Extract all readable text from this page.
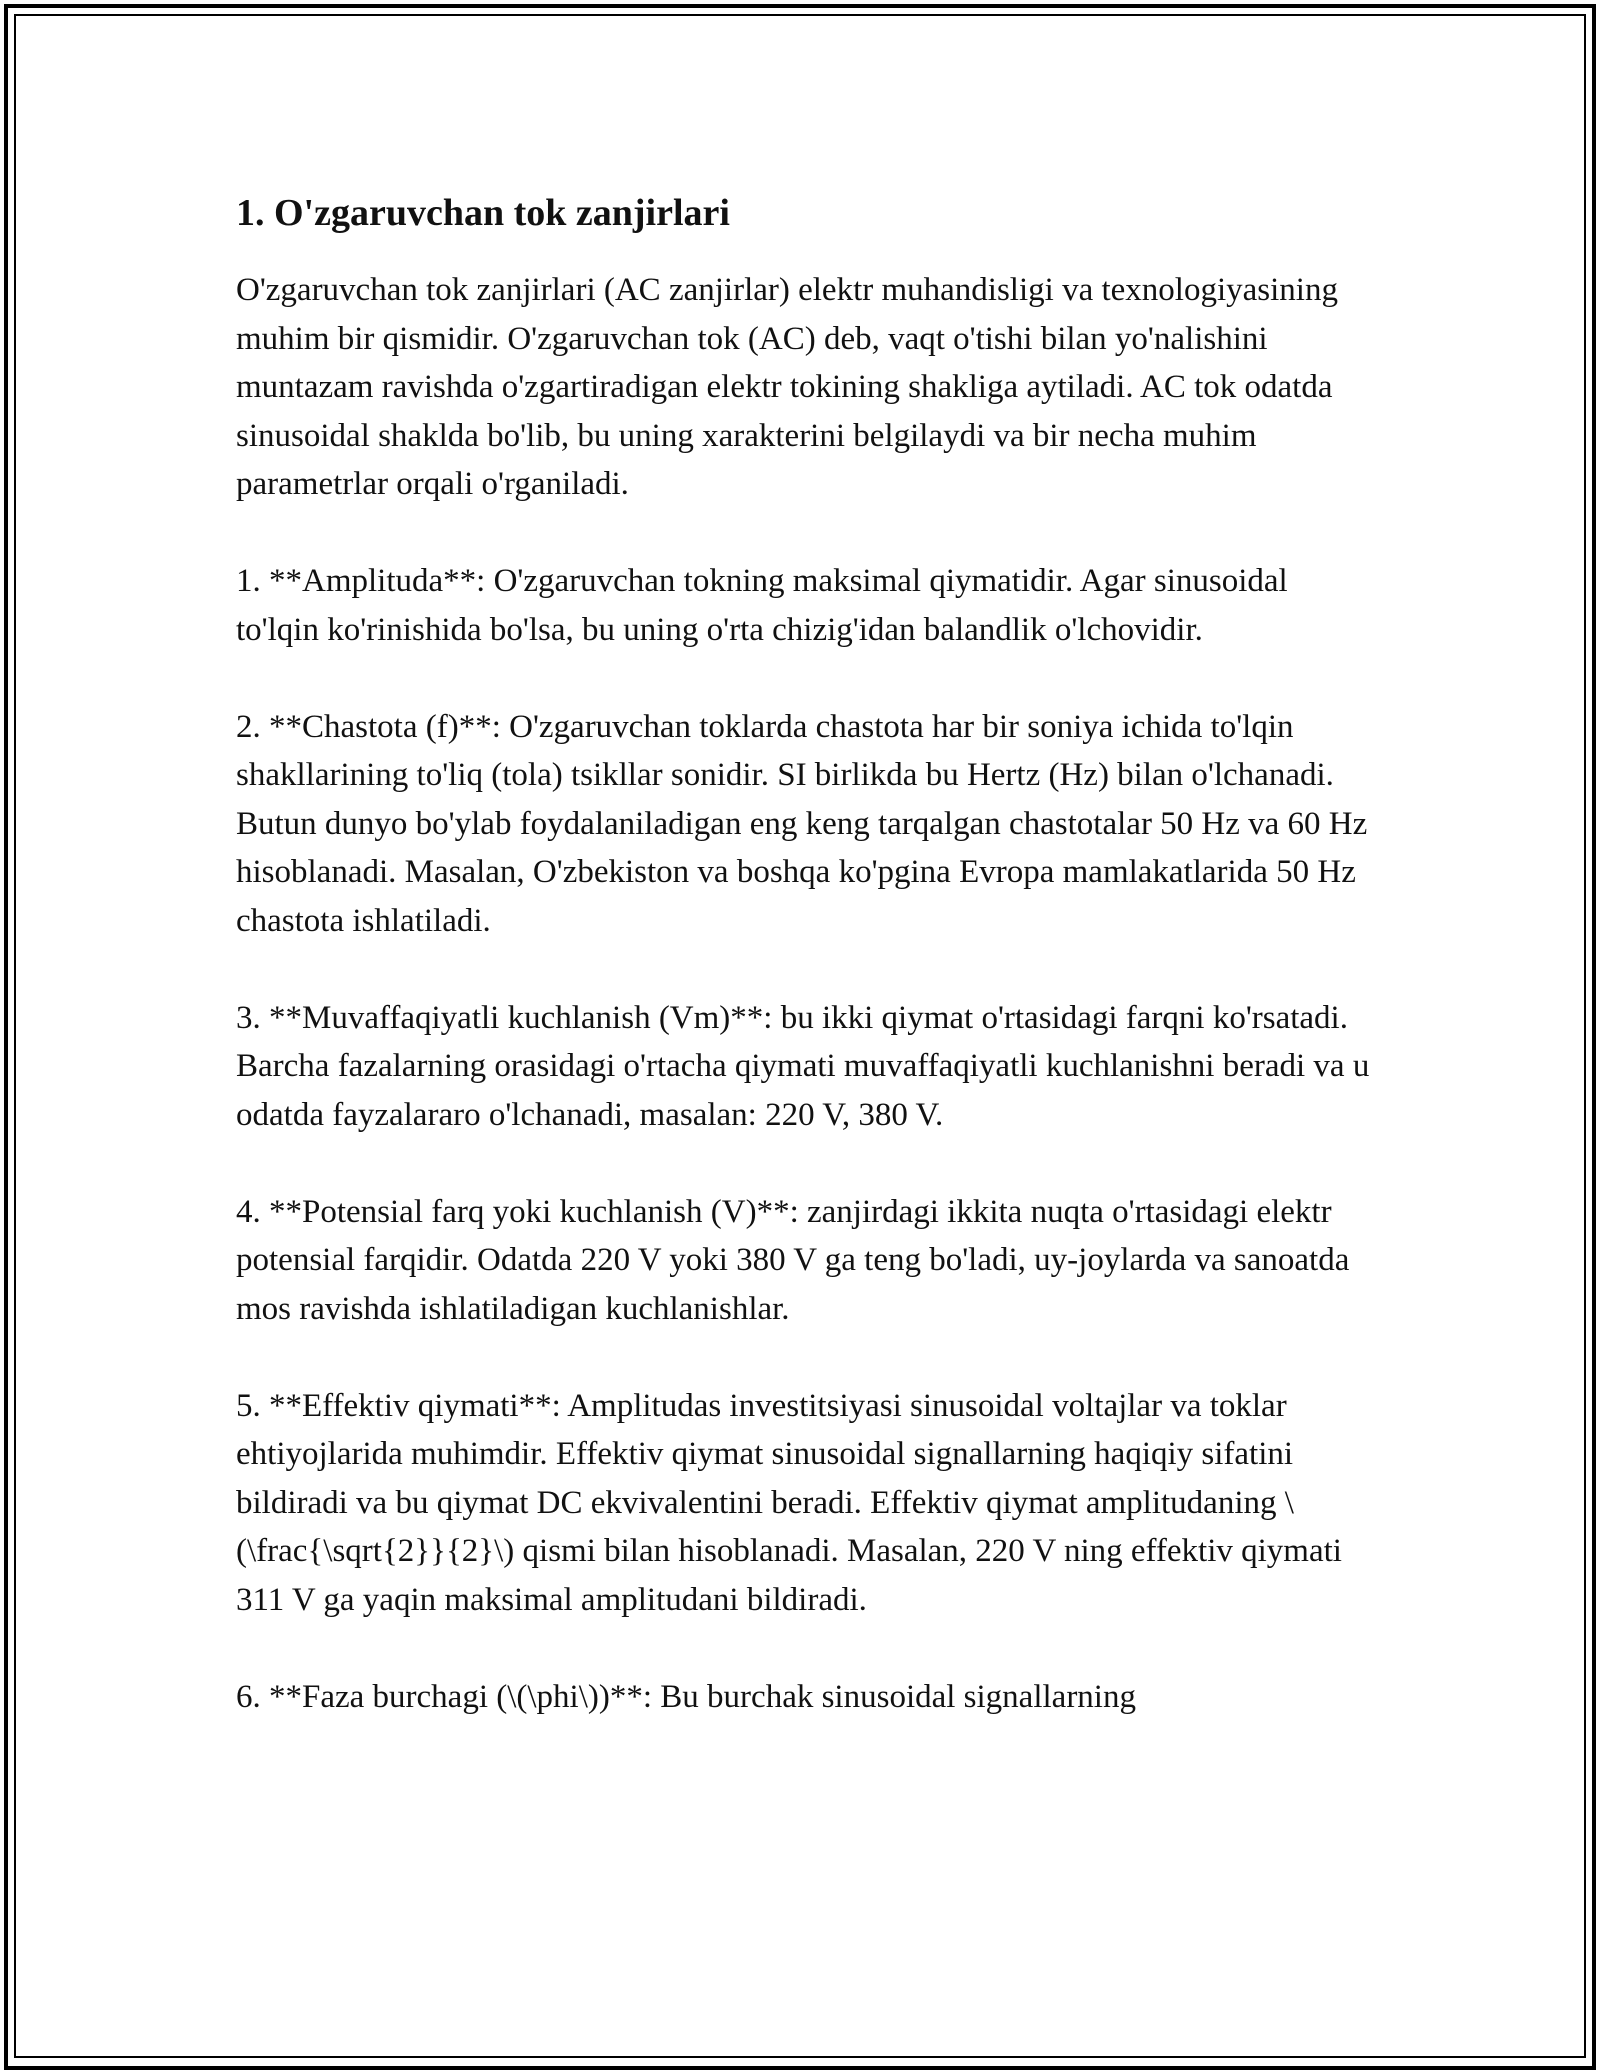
1. O'zgaruvchan tok zanjirlari

O'zgaruvchan tok zanjirlari (AC zanjirlar) elektr muhandisligi va texnologiyasining muhim bir qismidir. O'zgaruvchan tok (AC) deb, vaqt o'tishi bilan yo'nalishini muntazam ravishda o'zgartiradigan elektr tokining shakliga aytiladi. AC tok odatda sinusoidal shaklda bo'lib, bu uning xarakterini belgilaydi va bir necha muhim parametrlar orqali o'rganiladi.

1. **Amplituda**: O'zgaruvchan tokning maksimal qiymatidir. Agar sinusoidal to'lqin ko'rinishida bo'lsa, bu uning o'rta chizig'idan balandlik o'lchovidir.

2. **Chastota (f)**: O'zgaruvchan toklarda chastota har bir soniya ichida to'lqin shakllarining to'liq (tola) tsikllar sonidir. SI birlikda bu Hertz (Hz) bilan o'lchanadi. Butun dunyo bo'ylab foydalaniladigan eng keng tarqalgan chastotalar 50 Hz va 60 Hz hisoblanadi. Masalan, O'zbekiston va boshqa ko'pgina Evropa mamlakatlarida 50 Hz chastota ishlatiladi.

3. **Muvaffaqiyatli kuchlanish (Vm)**: bu ikki qiymat o'rtasidagi farqni ko'rsatadi. Barcha fazalarning orasidagi o'rtacha qiymati muvaffaqiyatli kuchlanishni beradi va u odatda fayzalararo o'lchanadi, masalan: 220 V, 380 V.

4. **Potensial farq yoki kuchlanish (V)**: zanjirdagi ikkita nuqta o'rtasidagi elektr potensial farqidir. Odatda 220 V yoki 380 V ga teng bo'ladi, uy-joylarda va sanoatda mos ravishda ishlatiladigan kuchlanishlar.

5. **Effektiv qiymati**: Amplitudas investitsiyasi sinusoidal voltajlar va toklar ehtiyojlarida muhimdir. Effektiv qiymat sinusoidal signallarning haqiqiy sifatini bildiradi va bu qiymat DC ekvivalentini beradi. Effektiv qiymat amplitudaning \(\frac{\sqrt{2}}{2}\) qismi bilan hisoblanadi. Masalan, 220 V ning effektiv qiymati 311 V ga yaqin maksimal amplitudani bildiradi.

6. **Faza burchagi (\(\phi\))**: Bu burchak sinusoidal signallarning
